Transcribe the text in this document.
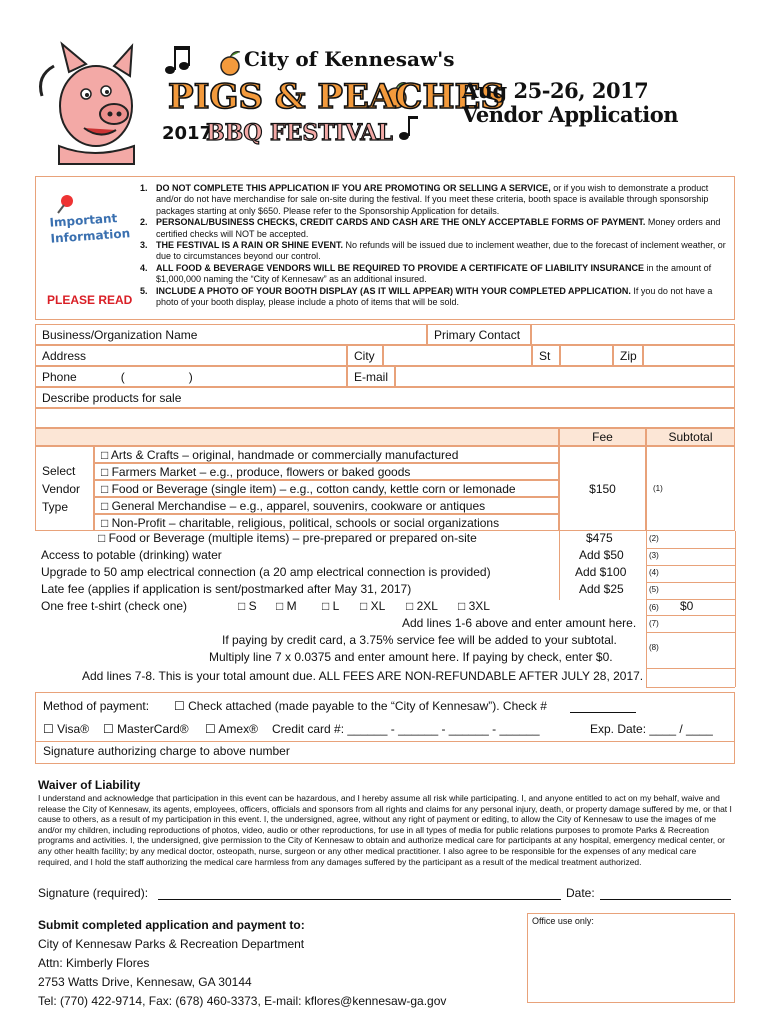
City of Kennesaw's
PIGS & PEACHES
2017
BBQ FESTIVAL
Aug 25-26, 2017
Vendor Application
Important
Information
PLEASE READ
1. DO NOT COMPLETE THIS APPLICATION IF YOU ARE PROMOTING OR SELLING A SERVICE, or if you wish to demonstrate a product and/or do not have merchandise for sale on-site during the festival. If you meet these criteria, booth space is available through sponsorship packages starting at only $650. Please refer to the Sponsorship Application for details.
2. PERSONAL/BUSINESS CHECKS, CREDIT CARDS AND CASH ARE THE ONLY ACCEPTABLE FORMS OF PAYMENT. Money orders and certified checks will NOT be accepted.
3. THE FESTIVAL IS A RAIN OR SHINE EVENT. No refunds will be issued due to inclement weather, due to the forecast of inclement weather, or due to circumstances beyond our control.
4. ALL FOOD & BEVERAGE VENDORS WILL BE REQUIRED TO PROVIDE A CERTIFICATE OF LIABILITY INSURANCE in the amount of $1,000,000 naming the “City of Kennesaw” as an additional insured.
5. INCLUDE A PHOTO OF YOUR BOOTH DISPLAY (AS IT WILL APPEAR) WITH YOUR COMPLETED APPLICATION. If you do not have a photo of your booth display, please include a photo of items that will be sold.
Business/Organization Name	Primary Contact
Address	City	St	Zip
Phone	(	)	E-mail
Describe products for sale
Fee	Subtotal
Select
Vendor
Type
□ Arts & Crafts – original, handmade or commercially manufactured
□ Farmers Market – e.g., produce, flowers or baked goods
□ Food or Beverage (single item) – e.g., cotton candy, kettle corn or lemonade
□ General Merchandise – e.g., apparel, souvenirs, cookware or antiques
□ Non-Profit – charitable, religious, political, schools or social organizations
$150	(1)
□ Food or Beverage (multiple items) – pre-prepared or prepared on-site	$475	(2)
Access to potable (drinking) water	Add $50	(3)
Upgrade to 50 amp electrical connection (a 20 amp electrical connection is provided)	Add $100	(4)
Late fee (applies if application is sent/postmarked after May 31, 2017)	Add $25	(5)
One free t-shirt (check one)	□ S □ M □ L □ XL □ 2XL □ 3XL	(6) $0
Add lines 1-6 above and enter amount here. (7)
If paying by credit card, a 3.75% service fee will be added to your subtotal.
Multiply line 7 x 0.0375 and enter amount here. If paying by check, enter $0.
(8)
Add lines 7-8. This is your total amount due. ALL FEES ARE NON-REFUNDABLE AFTER JULY 28, 2017.
Method of payment: ☐ Check attached (made payable to the “City of Kennesaw”). Check #
☐ Visa® ☐ MasterCard® ☐ Amex® Credit card #: ______ - ______ - ______ - ______	Exp. Date: ____ / ____
Signature authorizing charge to above number
Waiver of Liability
I understand and acknowledge that participation in this event can be hazardous, and I hereby assume all risk while participating. I, and anyone entitled to act on my behalf, waive and release the City of Kennesaw, its agents, employees, officers, officials and sponsors from all rights and claims for any personal injury, death, or property damage suffered by me, or that I cause to others, as a result of my participation in this event. I, the undersigned, agree, without any right of payment or editing, to allow the City of Kennesaw to use the images of me and/or my children, including reproductions of photos, video, audio or other reproductions, for use in all types of media for public relations purposes to promote Parks & Recreation programs and activities. I, the undersigned, give permission to the City of Kennesaw to obtain and authorize medical care for participants at any hospital, emergency medical center, or any other health facility; by any medical doctor, osteopath, nurse, surgeon or any other medical practitioner. I also agree to be responsible for the expenses of any medical care required, and I hold the staff authorizing the medical care harmless from any damages suffered by the participant as a result of the medical treatment authorized.
Signature (required):	Date:
Submit completed application and payment to:
City of Kennesaw Parks & Recreation Department
Attn: Kimberly Flores
2753 Watts Drive, Kennesaw, GA 30144
Tel: (770) 422-9714, Fax: (678) 460-3373, E-mail: kflores@kennesaw-ga.gov
Office use only:
